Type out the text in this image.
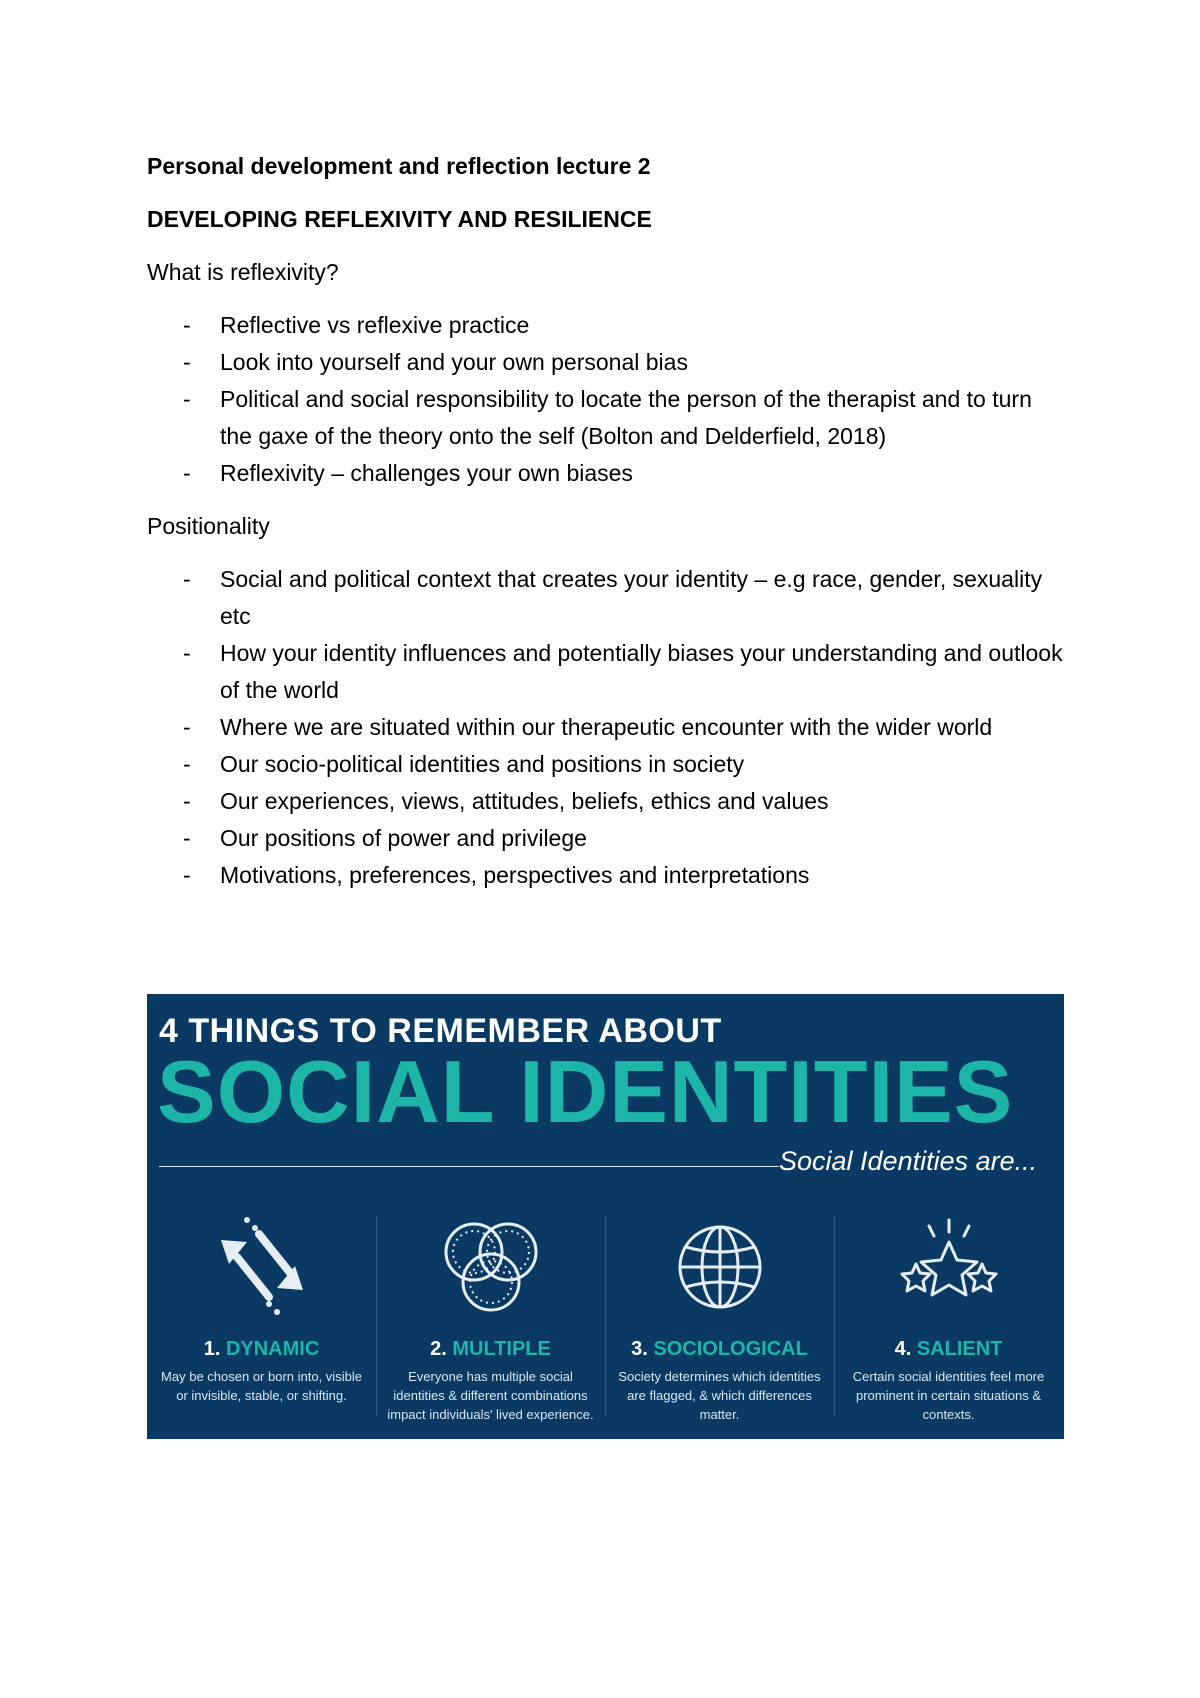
Personal development and reflection lecture 2

DEVELOPING REFLEXIVITY AND RESILIENCE

What is reflexivity?

- Reflective vs reflexive practice
- Look into yourself and your own personal bias
- Political and social responsibility to locate the person of the therapist and to turn the gaxe of the theory onto the self (Bolton and Delderfield, 2018)
- Reflexivity – challenges your own biases

Positionality

- Social and political context that creates your identity – e.g race, gender, sexuality etc
- How your identity influences and potentially biases your understanding and outlook of the world
- Where we are situated within our therapeutic encounter with the wider world
- Our socio-political identities and positions in society
- Our experiences, views, attitudes, beliefs, ethics and values
- Our positions of power and privilege
- Motivations, preferences, perspectives and interpretations
4 THINGS TO REMEMBER ABOUT
SOCIAL IDENTITIES
Social Identities are...
1. DYNAMIC
May be chosen or born into, visible or invisible, stable, or shifting.
2. MULTIPLE
Everyone has multiple social identities & different combinations impact individuals' lived experience.
3. SOCIOLOGICAL
Society determines which identities are flagged, & which differences matter.
4. SALIENT
Certain social identities feel more prominent in certain situations & contexts.
